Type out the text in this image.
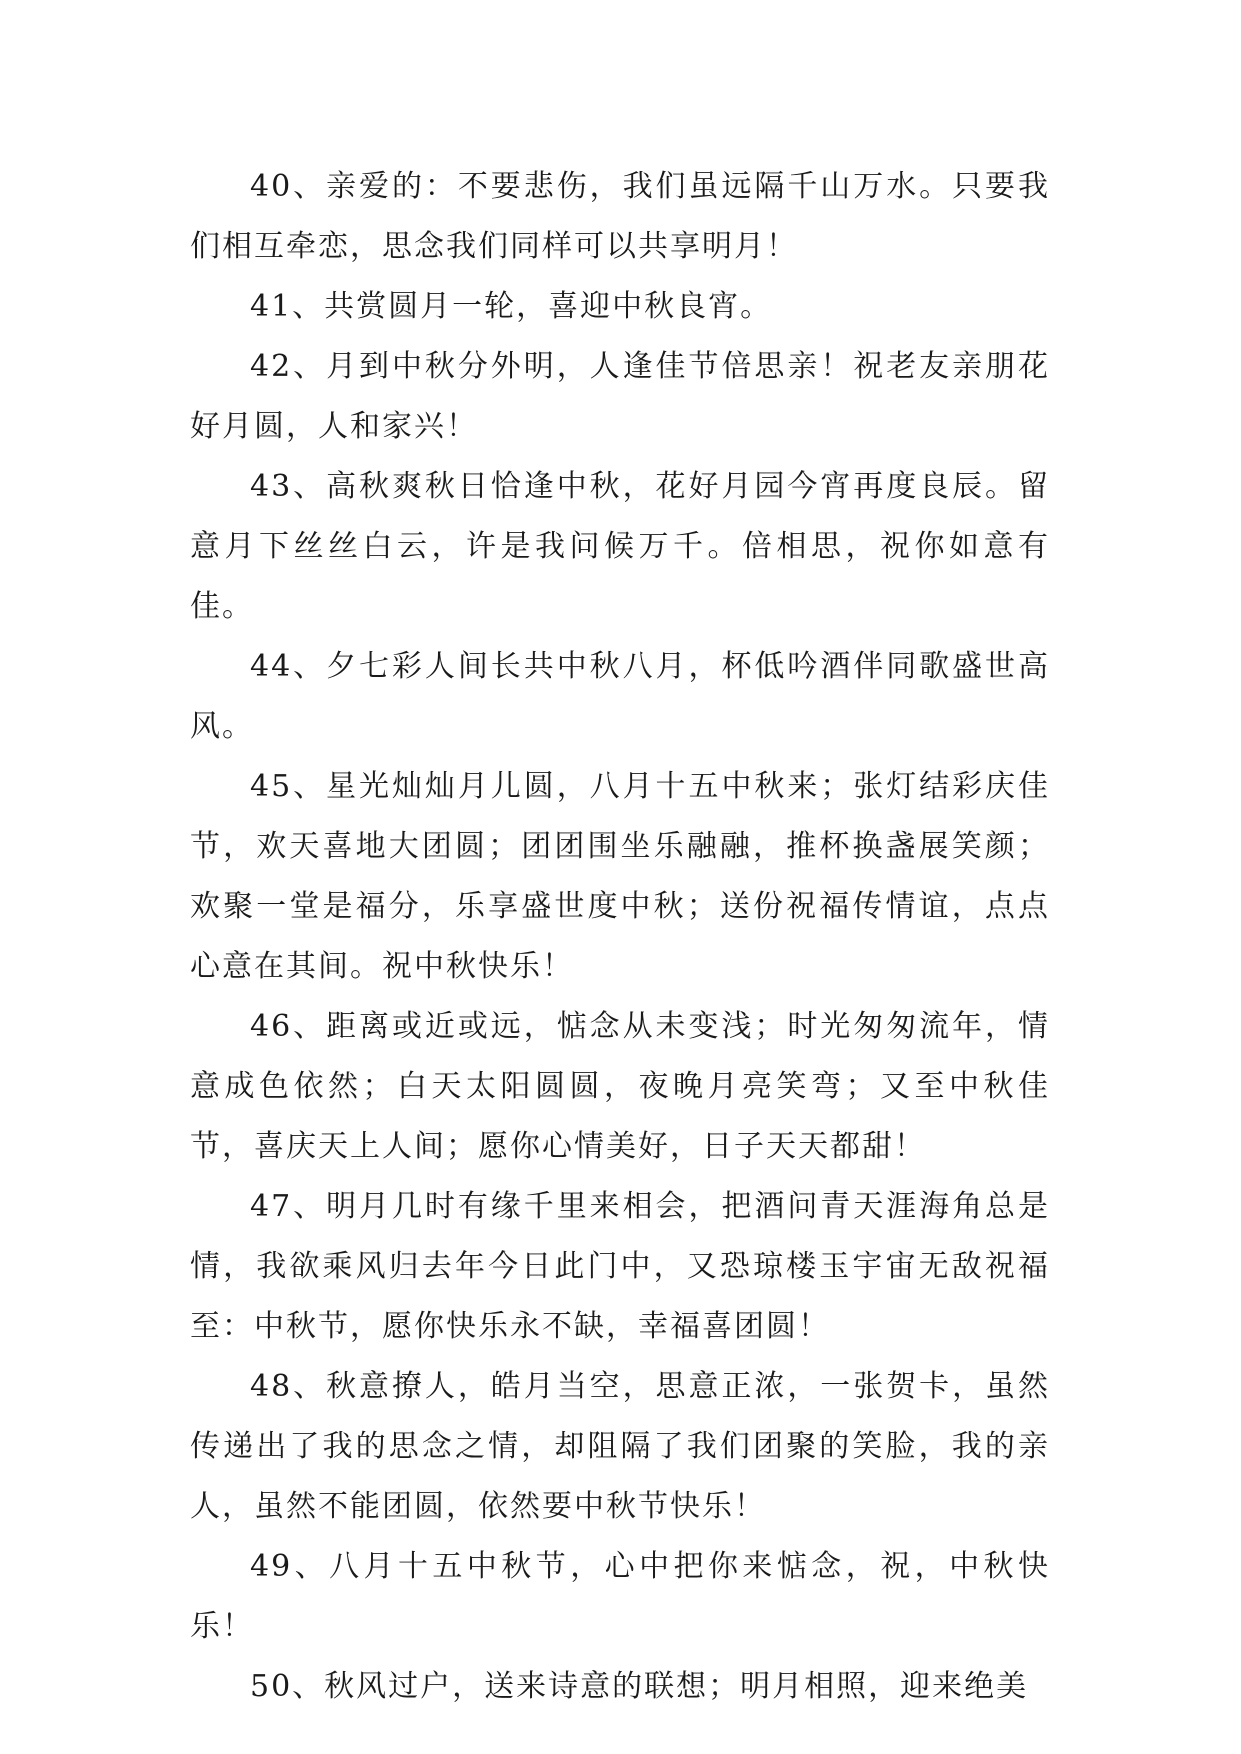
40、亲爱的：不要悲伤，我们虽远隔千山万水。只要我们相互牵恋，思念我们同样可以共享明月！

41、共赏圆月一轮，喜迎中秋良宵。

42、月到中秋分外明，人逢佳节倍思亲！祝老友亲朋花好月圆，人和家兴！

43、高秋爽秋日恰逢中秋，花好月园今宵再度良辰。留意月下丝丝白云，许是我问候万千。倍相思，祝你如意有佳。

44、夕七彩人间长共中秋八月，杯低吟酒伴同歌盛世高风。

45、星光灿灿月儿圆，八月十五中秋来；张灯结彩庆佳节，欢天喜地大团圆；团团围坐乐融融，推杯换盏展笑颜；欢聚一堂是福分，乐享盛世度中秋；送份祝福传情谊，点点心意在其间。祝中秋快乐！

46、距离或近或远，惦念从未变浅；时光匆匆流年，情意成色依然；白天太阳圆圆，夜晚月亮笑弯；又至中秋佳节，喜庆天上人间；愿你心情美好，日子天天都甜！

47、明月几时有缘千里来相会，把酒问青天涯海角总是情，我欲乘风归去年今日此门中，又恐琼楼玉宇宙无敌祝福至：中秋节，愿你快乐永不缺，幸福喜团圆！

48、秋意撩人，皓月当空，思意正浓，一张贺卡，虽然传递出了我的思念之情，却阻隔了我们团聚的笑脸，我的亲人，虽然不能团圆，依然要中秋节快乐！

49、八月十五中秋节，心中把你来惦念，祝，中秋快乐！

50、秋风过户，送来诗意的联想；明月相照，迎来绝美
